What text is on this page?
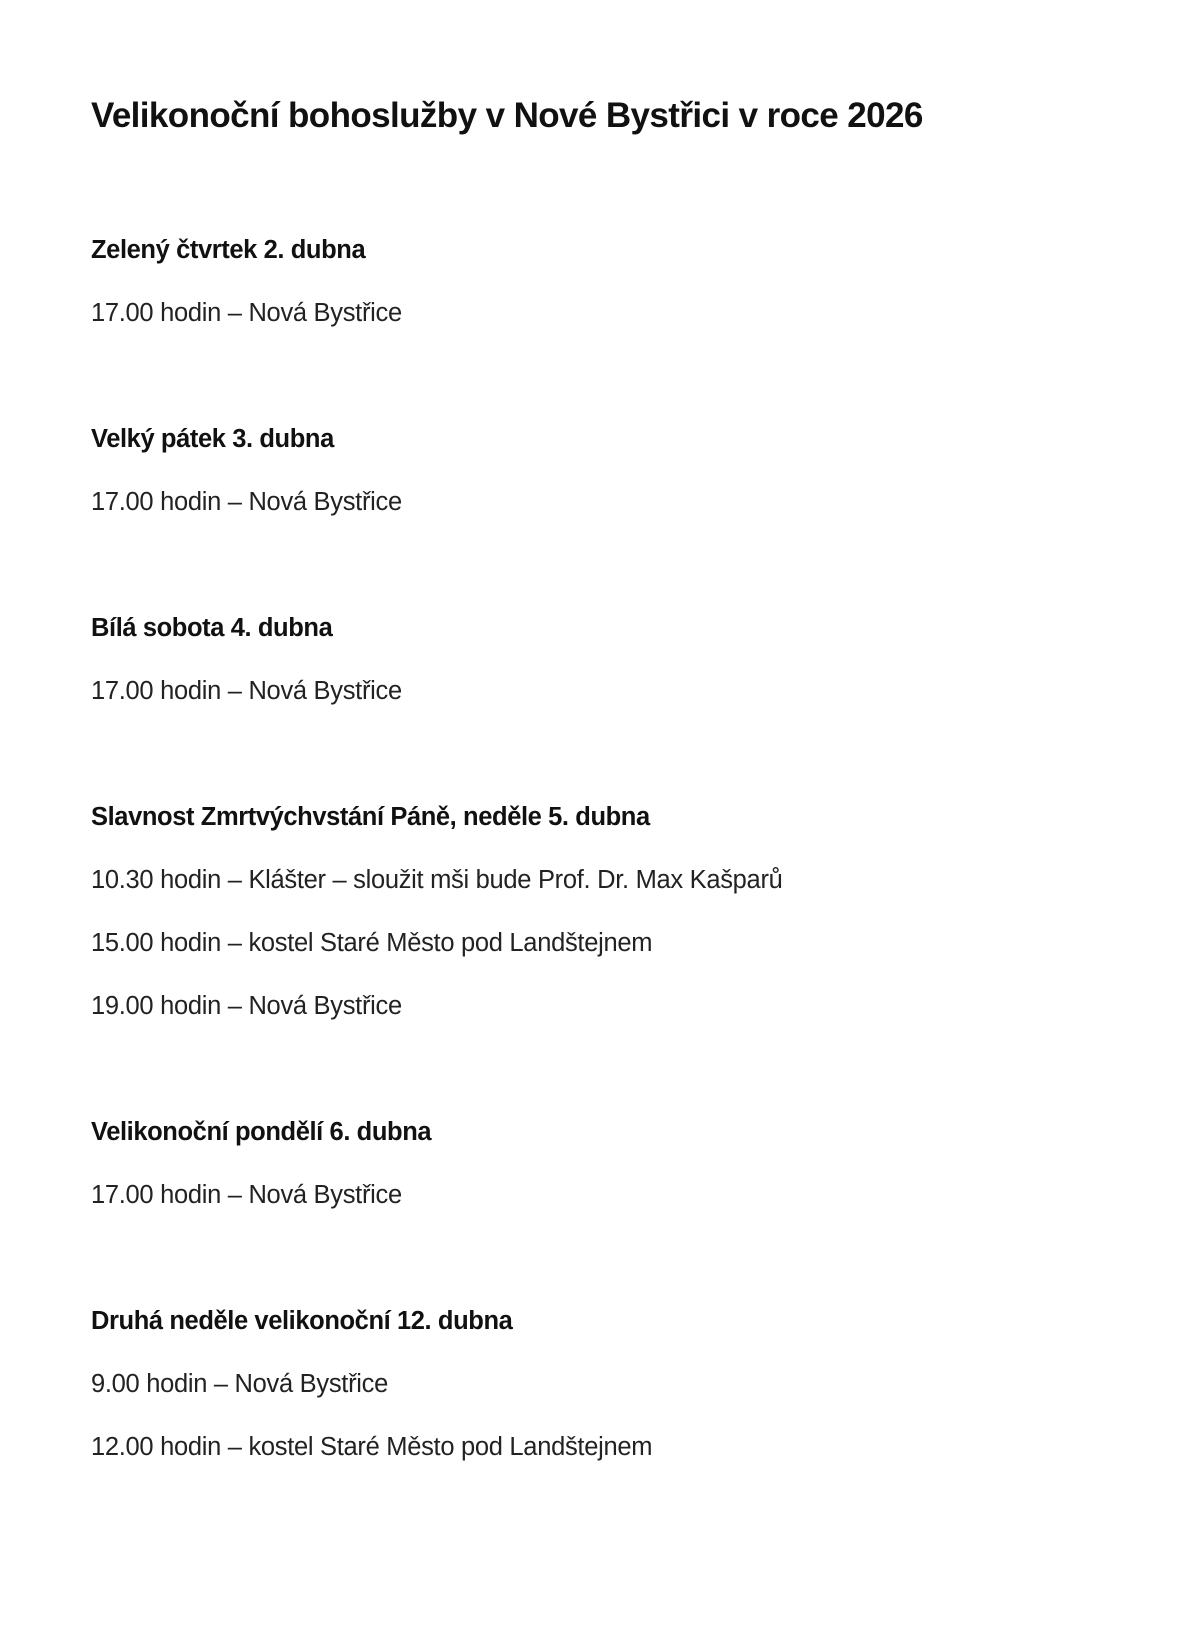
Velikonoční bohoslužby v Nové Bystřici v roce 2026
Zelený čtvrtek 2. dubna

17.00 hodin – Nová Bystřice

Velký pátek 3. dubna

17.00 hodin – Nová Bystřice

Bílá sobota 4. dubna

17.00 hodin – Nová Bystřice

Slavnost Zmrtvýchvstání Páně, neděle 5. dubna

10.30 hodin – Klášter – sloužit mši bude Prof. Dr. Max Kašparů

15.00 hodin – kostel Staré Město pod Landštejnem

19.00 hodin – Nová Bystřice

Velikonoční pondělí 6. dubna

17.00 hodin – Nová Bystřice

Druhá neděle velikonoční 12. dubna

9.00 hodin – Nová Bystřice

12.00 hodin – kostel Staré Město pod Landštejnem
